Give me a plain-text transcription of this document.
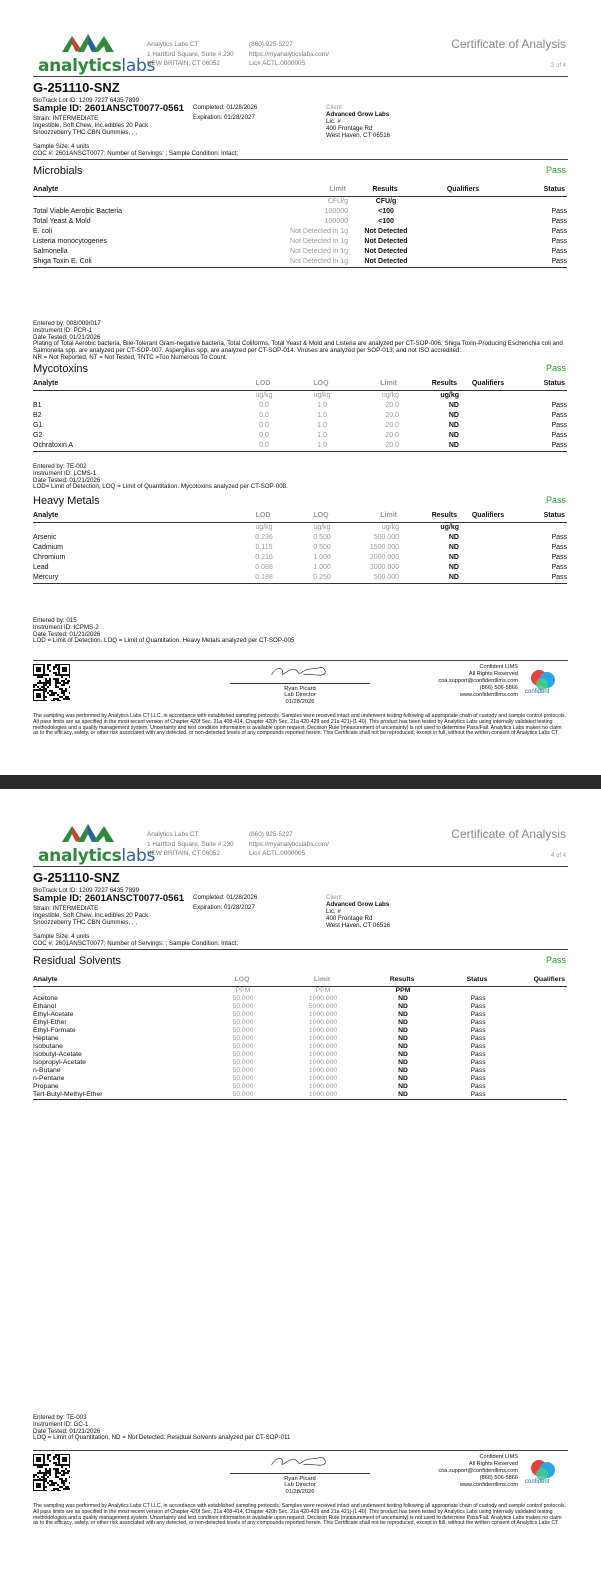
analyticslabs
Analytics Labs CT
1 Hartford Square, Suite # 230
NEW BRITAIN, CT 06052
(860) 925-5227
https://myanalyticslabs.com/
Lic# ACTL.0000005
Certificate of Analysis
3 of 4
G-251110-SNZ
BioTrack Lot ID: 1209 7227 6435 7899
Sample ID: 2601ANSCT0077-0561
Strain: INTERMEDIATE
Ingestible, Soft Chew, Inc.edibles 20 Pack
Snoozzeberry THC CBN Gummies, , ,
Completed: 01/28/2026
Expiration: 01/28/2027
Client
Advanced Grow Labs
Lic. #
400 Frontage Rd
West Haven, CT 06516
Sample Size: 4 units
COC #: 2601ANSCT0077; Number of Servings: ; Sample Condition: Intact;
Microbials	Pass
Analyte	Limit	Results	Qualifiers	Status
	CFU/g	CFU/g		
Total Viable Aerobic Bacteria	100000	<100		Pass
Total Yeast & Mold	100000	<100		Pass
E. coli	Not Detected in 1g	Not Detected		Pass
Listeria monocytogenes	Not Detected in 1g	Not Detected		Pass
Salmonella	Not Detected in 1g	Not Detected		Pass
Shiga Toxin E. Coli	Not Detected in 1g	Not Detected		Pass
Entered by: 008/009/017
Instrument ID: PCR-1
Date Tested: 01/21/2026
Plating of Total Aerobic bacteria, Bile-Tolerant Gram-negative bacteria, Total Coliforms, Total Yeast & Mold and Listeria are analyzed per CT-SOP-006. Shiga Toxin-Producing Escherichia coli and Salmonella spp. are analyzed per CT-SOP-007. Aspergillus spp. are analyzed per CT-SOP-014. Viruses are analyzed per SOP-013, and not ISO accredited.
NR = Not Reported, NT = Not Tested, TNTC =Too Numerous To Count.
Mycotoxins	Pass
Analyte	LOD	LOQ	Limit	Results	Qualifiers	Status
	ug/kg	ug/kg	ug/kg	ug/kg		
B1	0.0	1.0	20.0	ND		Pass
B2	0.0	1.0	20.0	ND		Pass
G1	0.0	1.0	20.0	ND		Pass
G2	0.0	1.0	20.0	ND		Pass
Ochratoxin A	0.0	1.0	20.0	ND		Pass
Entered by: TE-002
Instrument ID: LCMS-1
Date Tested: 01/21/2026
LOD= Limit of Detection, LOQ = Limit of Quantitation. Mycotoxins analyzed per CT-SOP-008.
Heavy Metals	Pass
Analyte	LOD	LOQ	Limit	Results	Qualifiers	Status
	ug/kg	ug/kg	ug/kg	ug/kg		
Arsenic	0.236	0.500	500.000	ND		Pass
Cadmium	0.115	0.500	1500.000	ND		Pass
Chromium	0.216	1.000	2000.000	ND		Pass
Lead	0.088	1.000	3000.000	ND		Pass
Mercury	0.188	0.250	500.000	ND		Pass
Entered by: 015
Instrument ID: ICPMS-2
Date Tested: 01/21/2026
LOD = Limit of Detection. LOQ = Limit of Quantitation. Heavy Metals analyzed per CT-SOP-005
Ryan Picard
Lab Director
01/28/2026
Confident LIMS
All Rights Reserved
coa.support@confidentlims.com
(866) 506-5866
www.confidentlims.com confident
The sampling was performed by Analytics Labs CT LLC, in accordance with established sampling protocols. Samples were received intact and underwent testing following all appropriate chain of custody and sample control protocols. All pass limits are as specified in the most recent version of Chapter 420f Sec. 21a 408-414, Chapter 420h Sec. 21a 420-429 and 21a 421j-(1-40). This product has been tested by Analytics Labs using internally validated testing methodologies and a quality management system. Uncertainty and test condition information is available upon request. Decision Rule (measurement of uncertainty) is not used to determine Pass/Fail. Analytics Labs makes no claim as to the efficacy, safety, or other risk associated with any detected, or non-detected levels of any compounds reported herein. This Certificate shall not be reproduced, except in full, without the written consent of Analytics Labs CT.
analyticslabs
Analytics Labs CT
1 Hartford Square, Suite # 230
NEW BRITAIN, CT 06052
(860) 925-5227
https://myanalyticslabs.com/
Lic# ACTL.0000005
Certificate of Analysis
4 of 4
G-251110-SNZ
BioTrack Lot ID: 1209 7227 6435 7899
Sample ID: 2601ANSCT0077-0561
Strain: INTERMEDIATE
Ingestible, Soft Chew, Inc.edibles 20 Pack
Snoozzeberry THC CBN Gummies, , ,
Completed: 01/28/2026
Expiration: 01/28/2027
Client
Advanced Grow Labs
Lic. #
400 Frontage Rd
West Haven, CT 06516
Sample Size: 4 units
COC #: 2601ANSCT0077; Number of Servings: ; Sample Condition: Intact;
Residual Solvents	Pass
Analyte	LOQ	Limit	Results	Status	Qualifiers
	PPM	PPM	PPM		
Acetone	50.000	1000.000	ND	Pass	
Ethanol	50.000	5000.000	ND	Pass	
Ethyl-Acetate	50.000	1000.000	ND	Pass	
Ethyl-Ether	50.000	1000.000	ND	Pass	
Ethyl-Formate	50.000	1000.000	ND	Pass	
Heptane	50.000	1000.000	ND	Pass	
Isobutane	50.000	1000.000	ND	Pass	
Isobutyl-Acetate	50.000	1000.000	ND	Pass	
Isopropyl-Acetate	50.000	1000.000	ND	Pass	
n-Butane	50.000	1000.000	ND	Pass	
n-Pentane	50.000	1000.000	ND	Pass	
Propane	50.000	1000.000	ND	Pass	
Tert-Butyl-Methyl-Ether	50.000	1000.000	ND	Pass	
Entered by: TE-003
Instrument ID: GC-1
Date Tested: 01/21/2026
LOQ = Limit of Quantitation, ND = Not Detected. Residual Solvents analyzed per CT-SOP-011
Ryan Picard
Lab Director
01/28/2026
Confident LIMS
All Rights Reserved
coa.support@confidentlims.com
(866) 506-5866
www.confidentlims.com confident
The sampling was performed by Analytics Labs CT LLC, in accordance with established sampling protocols. Samples were received intact and underwent testing following all appropriate chain of custody and sample control protocols. All pass limits are as specified in the most recent version of Chapter 420f Sec. 21a 408-414, Chapter 420h Sec. 21a 420-429 and 21a 421j-(1-40). This product has been tested by Analytics Labs using internally validated testing methodologies and a quality management system. Uncertainty and test condition information is available upon request. Decision Rule (measurement of uncertainty) is not used to determine Pass/Fail. Analytics Labs makes no claim as to the efficacy, safety, or other risk associated with any detected, or non-detected levels of any compounds reported herein. This Certificate shall not be reproduced, except in full, without the written consent of Analytics Labs CT.
